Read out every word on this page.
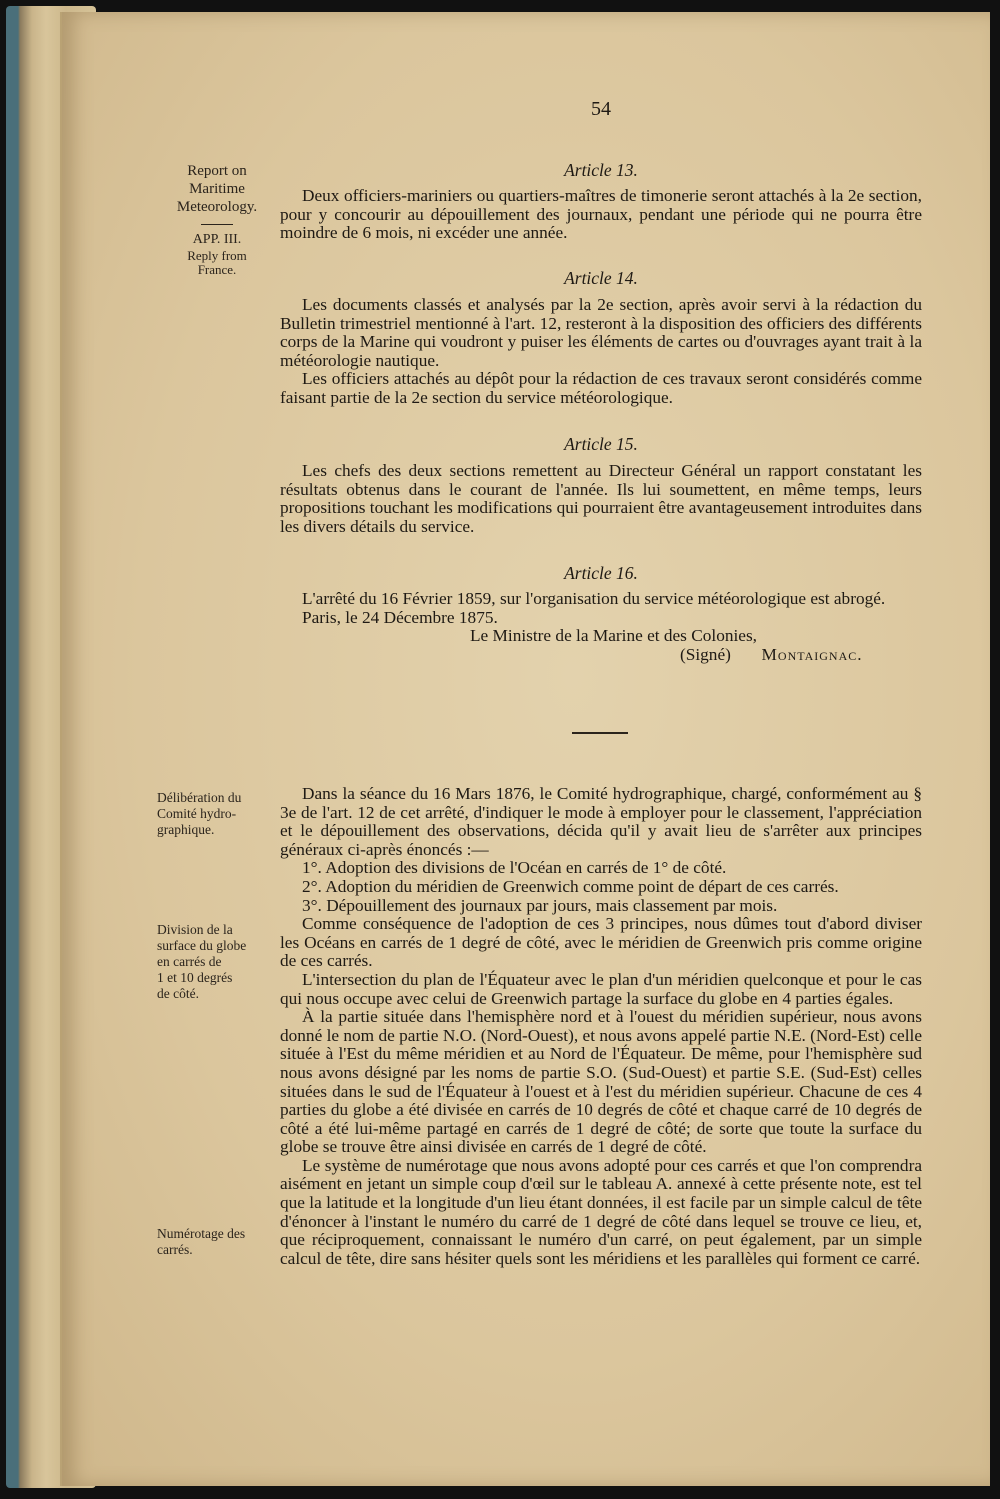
54
Report on
Maritime
Meteorology.
APP. III.
Reply from
France.
Article 13.

Deux officiers-mariniers ou quartiers-maîtres de timonerie seront attachés à la 2e section, pour y concourir au dépouillement des journaux, pendant une période qui ne pourra être moindre de 6 mois, ni excéder une année.

Article 14.

Les documents classés et analysés par la 2e section, après avoir servi à la rédaction du Bulletin trimestriel mentionné à l'art. 12, resteront à la disposition des officiers des différents corps de la Marine qui voudront y puiser les éléments de cartes ou d'ouvrages ayant trait à la météorologie nautique.

Les officiers attachés au dépôt pour la rédaction de ces travaux seront considérés comme faisant partie de la 2e section du service météorologique.

Article 15.

Les chefs des deux sections remettent au Directeur Général un rapport constatant les résultats obtenus dans le courant de l'année. Ils lui soumettent, en même temps, leurs propositions touchant les modifications qui pourraient être avantageusement introduites dans les divers détails du service.

Article 16.

L'arrêté du 16 Février 1859, sur l'organisation du service météorologique est abrogé.

Paris, le 24 Décembre 1875.

Le Ministre de la Marine et des Colonies,
(Signé) Montaignac.
Délibération du
Comité hydro-
graphique.
Division de la
surface du globe
en carrés de
1 et 10 degrés
de côté.
Numérotage des
carrés.

Dans la séance du 16 Mars 1876, le Comité hydrographique, chargé, conformément au § 3e de l'art. 12 de cet arrêté, d'indiquer le mode à employer pour le classement, l'appréciation et le dépouillement des observations, décida qu'il y avait lieu de s'arrêter aux principes généraux ci-après énoncés :—

1°. Adoption des divisions de l'Océan en carrés de 1° de côté.

2°. Adoption du méridien de Greenwich comme point de départ de ces carrés.

3°. Dépouillement des journaux par jours, mais classement par mois.

Comme conséquence de l'adoption de ces 3 principes, nous dûmes tout d'abord diviser les Océans en carrés de 1 degré de côté, avec le méridien de Greenwich pris comme origine de ces carrés.

L'intersection du plan de l'Équateur avec le plan d'un méridien quelconque et pour le cas qui nous occupe avec celui de Greenwich partage la surface du globe en 4 parties égales.

À la partie située dans l'hemisphère nord et à l'ouest du méridien supérieur, nous avons donné le nom de partie N.O. (Nord-Ouest), et nous avons appelé partie N.E. (Nord-Est) celle située à l'Est du même méridien et au Nord de l'Équateur. De même, pour l'hemisphère sud nous avons désigné par les noms de partie S.O. (Sud-Ouest) et partie S.E. (Sud-Est) celles situées dans le sud de l'Équateur à l'ouest et à l'est du méridien supérieur. Chacune de ces 4 parties du globe a été divisée en carrés de 10 degrés de côté et chaque carré de 10 degrés de côté a été lui-même partagé en carrés de 1 degré de côté; de sorte que toute la surface du globe se trouve être ainsi divisée en carrés de 1 degré de côté.

Le système de numérotage que nous avons adopté pour ces carrés et que l'on comprendra aisément en jetant un simple coup d'œil sur le tableau A. annexé à cette présente note, est tel que la latitude et la longitude d'un lieu étant données, il est facile par un simple calcul de tête d'énoncer à l'instant le numéro du carré de 1 degré de côté dans lequel se trouve ce lieu, et, que réciproquement, connaissant le numéro d'un carré, on peut également, par un simple calcul de tête, dire sans hésiter quels sont les méridiens et les parallèles qui forment ce carré.
